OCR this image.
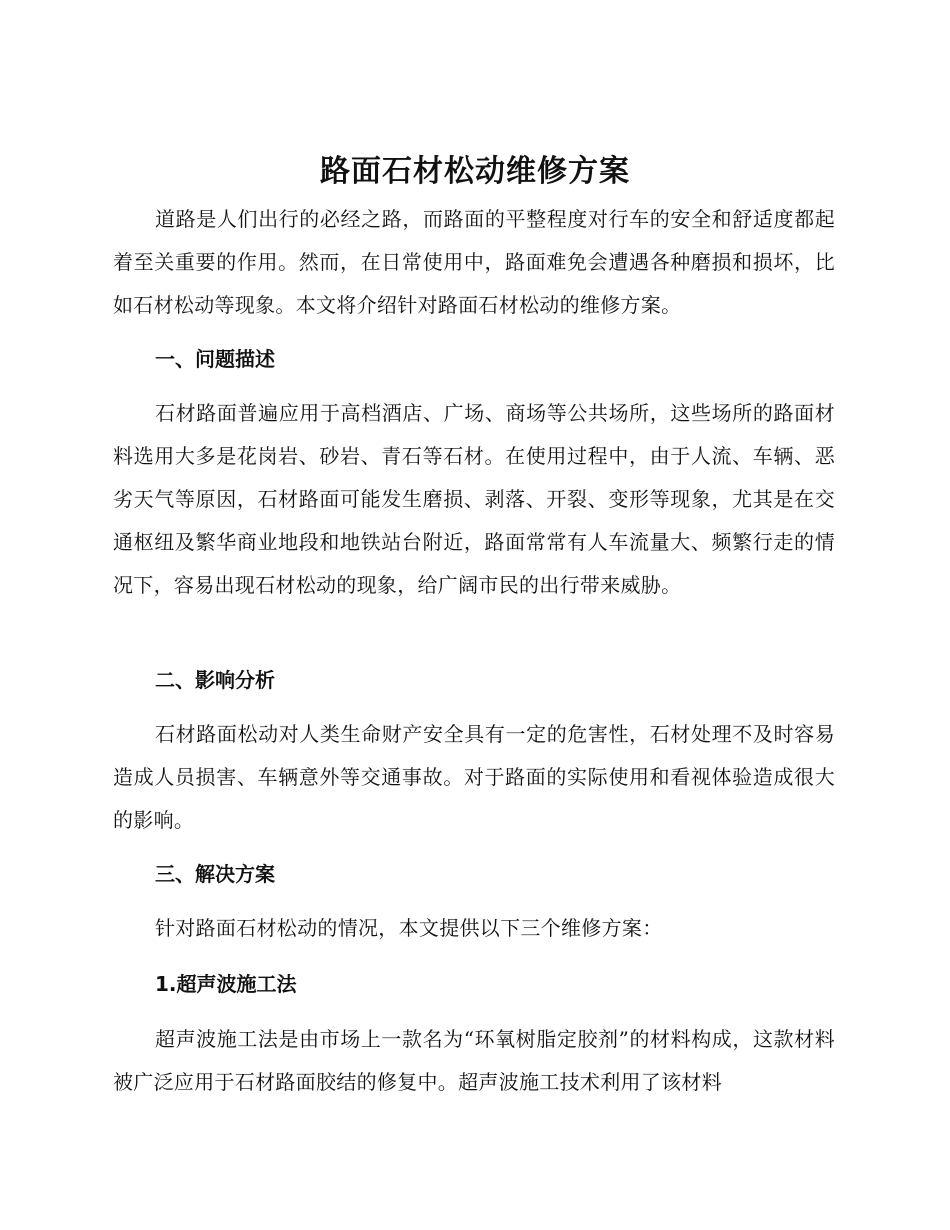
路面石材松动维修方案

道路是人们出行的必经之路，而路面的平整程度对行车的安全和舒适度都起着至关重要的作用。然而，在日常使用中，路面难免会遭遇各种磨损和损坏，比如石材松动等现象。本文将介绍针对路面石材松动的维修方案。

一、问题描述

石材路面普遍应用于高档酒店、广场、商场等公共场所，这些场所的路面材料选用大多是花岗岩、砂岩、青石等石材。在使用过程中，由于人流、车辆、恶劣天气等原因，石材路面可能发生磨损、剥落、开裂、变形等现象，尤其是在交通枢纽及繁华商业地段和地铁站台附近，路面常常有人车流量大、频繁行走的情况下，容易出现石材松动的现象，给广阔市民的出行带来威胁。

二、影响分析

石材路面松动对人类生命财产安全具有一定的危害性，石材处理不及时容易造成人员损害、车辆意外等交通事故。对于路面的实际使用和看视体验造成很大的影响。

三、解决方案

针对路面石材松动的情况，本文提供以下三个维修方案：

1.超声波施工法

超声波施工法是由市场上一款名为“环氧树脂定胶剂”的材料构成，这款材料被广泛应用于石材路面胶结的修复中。超声波施工技术利用了该材料
